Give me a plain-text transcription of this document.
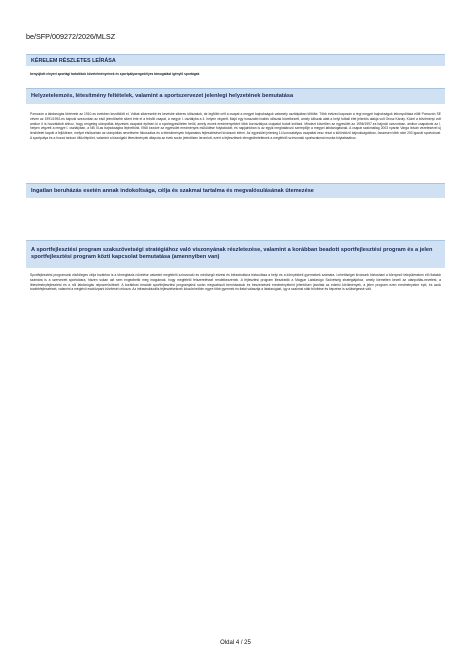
be/SFP/009272/2026/MLSZ
KÉRELEM RÉSZLETES LEÍRÁSA
benyújtott elnyert sportági tartalékok követelményeinek és sportpályaengedélyes támogatást igénylő sportágak
Helyzetelemzés, létesítmény feltételek, valamint a sportszervezet jelenlegi helyzetének bemutatása
Pomozón a labdarúgás története az 1910-es években kezdődött el. Voltak sikeresebb és kevésbé sikeres időszakok, de legfőbb célt a csapat a megyei bajnokságok valamely osztályában töltötte. Több évtized kapcsán a régi megyei bajnokságok lebonyolítása előtt Pomozón SE néven az 1991/1992-es bajnoki szezonban az első jelentősebb sikert érte el a felnőtt csapat, a megye I. osztályba a 4. helyen végzett. Majd egy hosszabb inaktív időszak következett, amely időszak alatt a helyi futball élet jelentős alakja volt Orosz Károly. Közel a bővítményi volt amikor ő is hozzálátott ahhoz, hogy rengeteg utánpótlás képzéses csapatot építsen ki a sportegyesületen belül, amely ennek eredményeként több korosztályos csapatot tudott indítani. Mindezt követően az egyesület az 1996/1997-es bajnoki szezonban, amikor csapatunk az I. helyen végzett a megye I. osztályban, a NB III-as bajnokságba léphettünk. Ettől kezdve az egyesület eredményes működése folytatódott, és napjainkban is az egyik meghatározó szereplője a megyei labdarúgásnak. A csapat szakmailag 2003 nyarán Varga István vezetésével új lendületet kapott a fejlődésre, melyet elsősorban az utánpótlás nevelésére fókuszálva és a létesítmények folyamatos fejlesztésével kívánunk elérni. Az egyesület jelenleg 14 korosztályos csapattal vesz részt a különböző bajnokságokban, összesen több mint 200 igazolt sportolóval. A sportpálya és a hozzá tartozó öltözőépület, valamint a kiszolgáló létesítmények állapota az évek során jelentősen leromlott, ezért a fejlesztések elengedhetetlenek a megfelelő színvonalú sportszakmai munka folytatásához.
Ingatlan beruházás esetén annak indokoltsága, célja és szakmai tartalma és megvalósulásának ütemezése
A sportfejlesztési program szakszövetségi stratégiához való viszonyának részletezése, valamint a korábban beadott sportfejlesztési program és a jelen sportfejlesztési program közti kapcsolat bemutatása (amennyiben van)
Sportfejlesztési programunk elsődleges célja továbbra is a tömegbázis növelése valamint megfelelő színvonalú és minőségű edzési és infrastruktúra biztosítása a helyi és a környékbeli gyermekek számára. Lehetőséget kívánunk biztosítani a környező településeken élő fiatalok számára is a szervezett sportolásra, hiszen sokan azt sem engedhetik meg maguknak, hogy megfelelő felszereléssel rendelkezzenek. A fejlesztési program illeszkedik a Magyar Labdarúgó Szövetség stratégiájához, amely kiemelten kezeli az utánpótlás-nevelést, a létesítményfejlesztést és a női labdarúgás népszerűsítését. A korábban beadott sportfejlesztési programjaink során megvalósult beruházások és beszerzések eredményeként jelentősen javultak az edzési körülmények, a jelen program ezen eredményekre épít, és azok továbbfejlesztését, valamint a meglévő eszközpark bővítését célozza. Az infrastrukturális fejlesztéseknek köszönhetően egyre több gyermek és fiatal választja a labdarúgást, így a szakmai stáb bővítése és képzése is szükségessé vált.
Oldal 4 / 25
